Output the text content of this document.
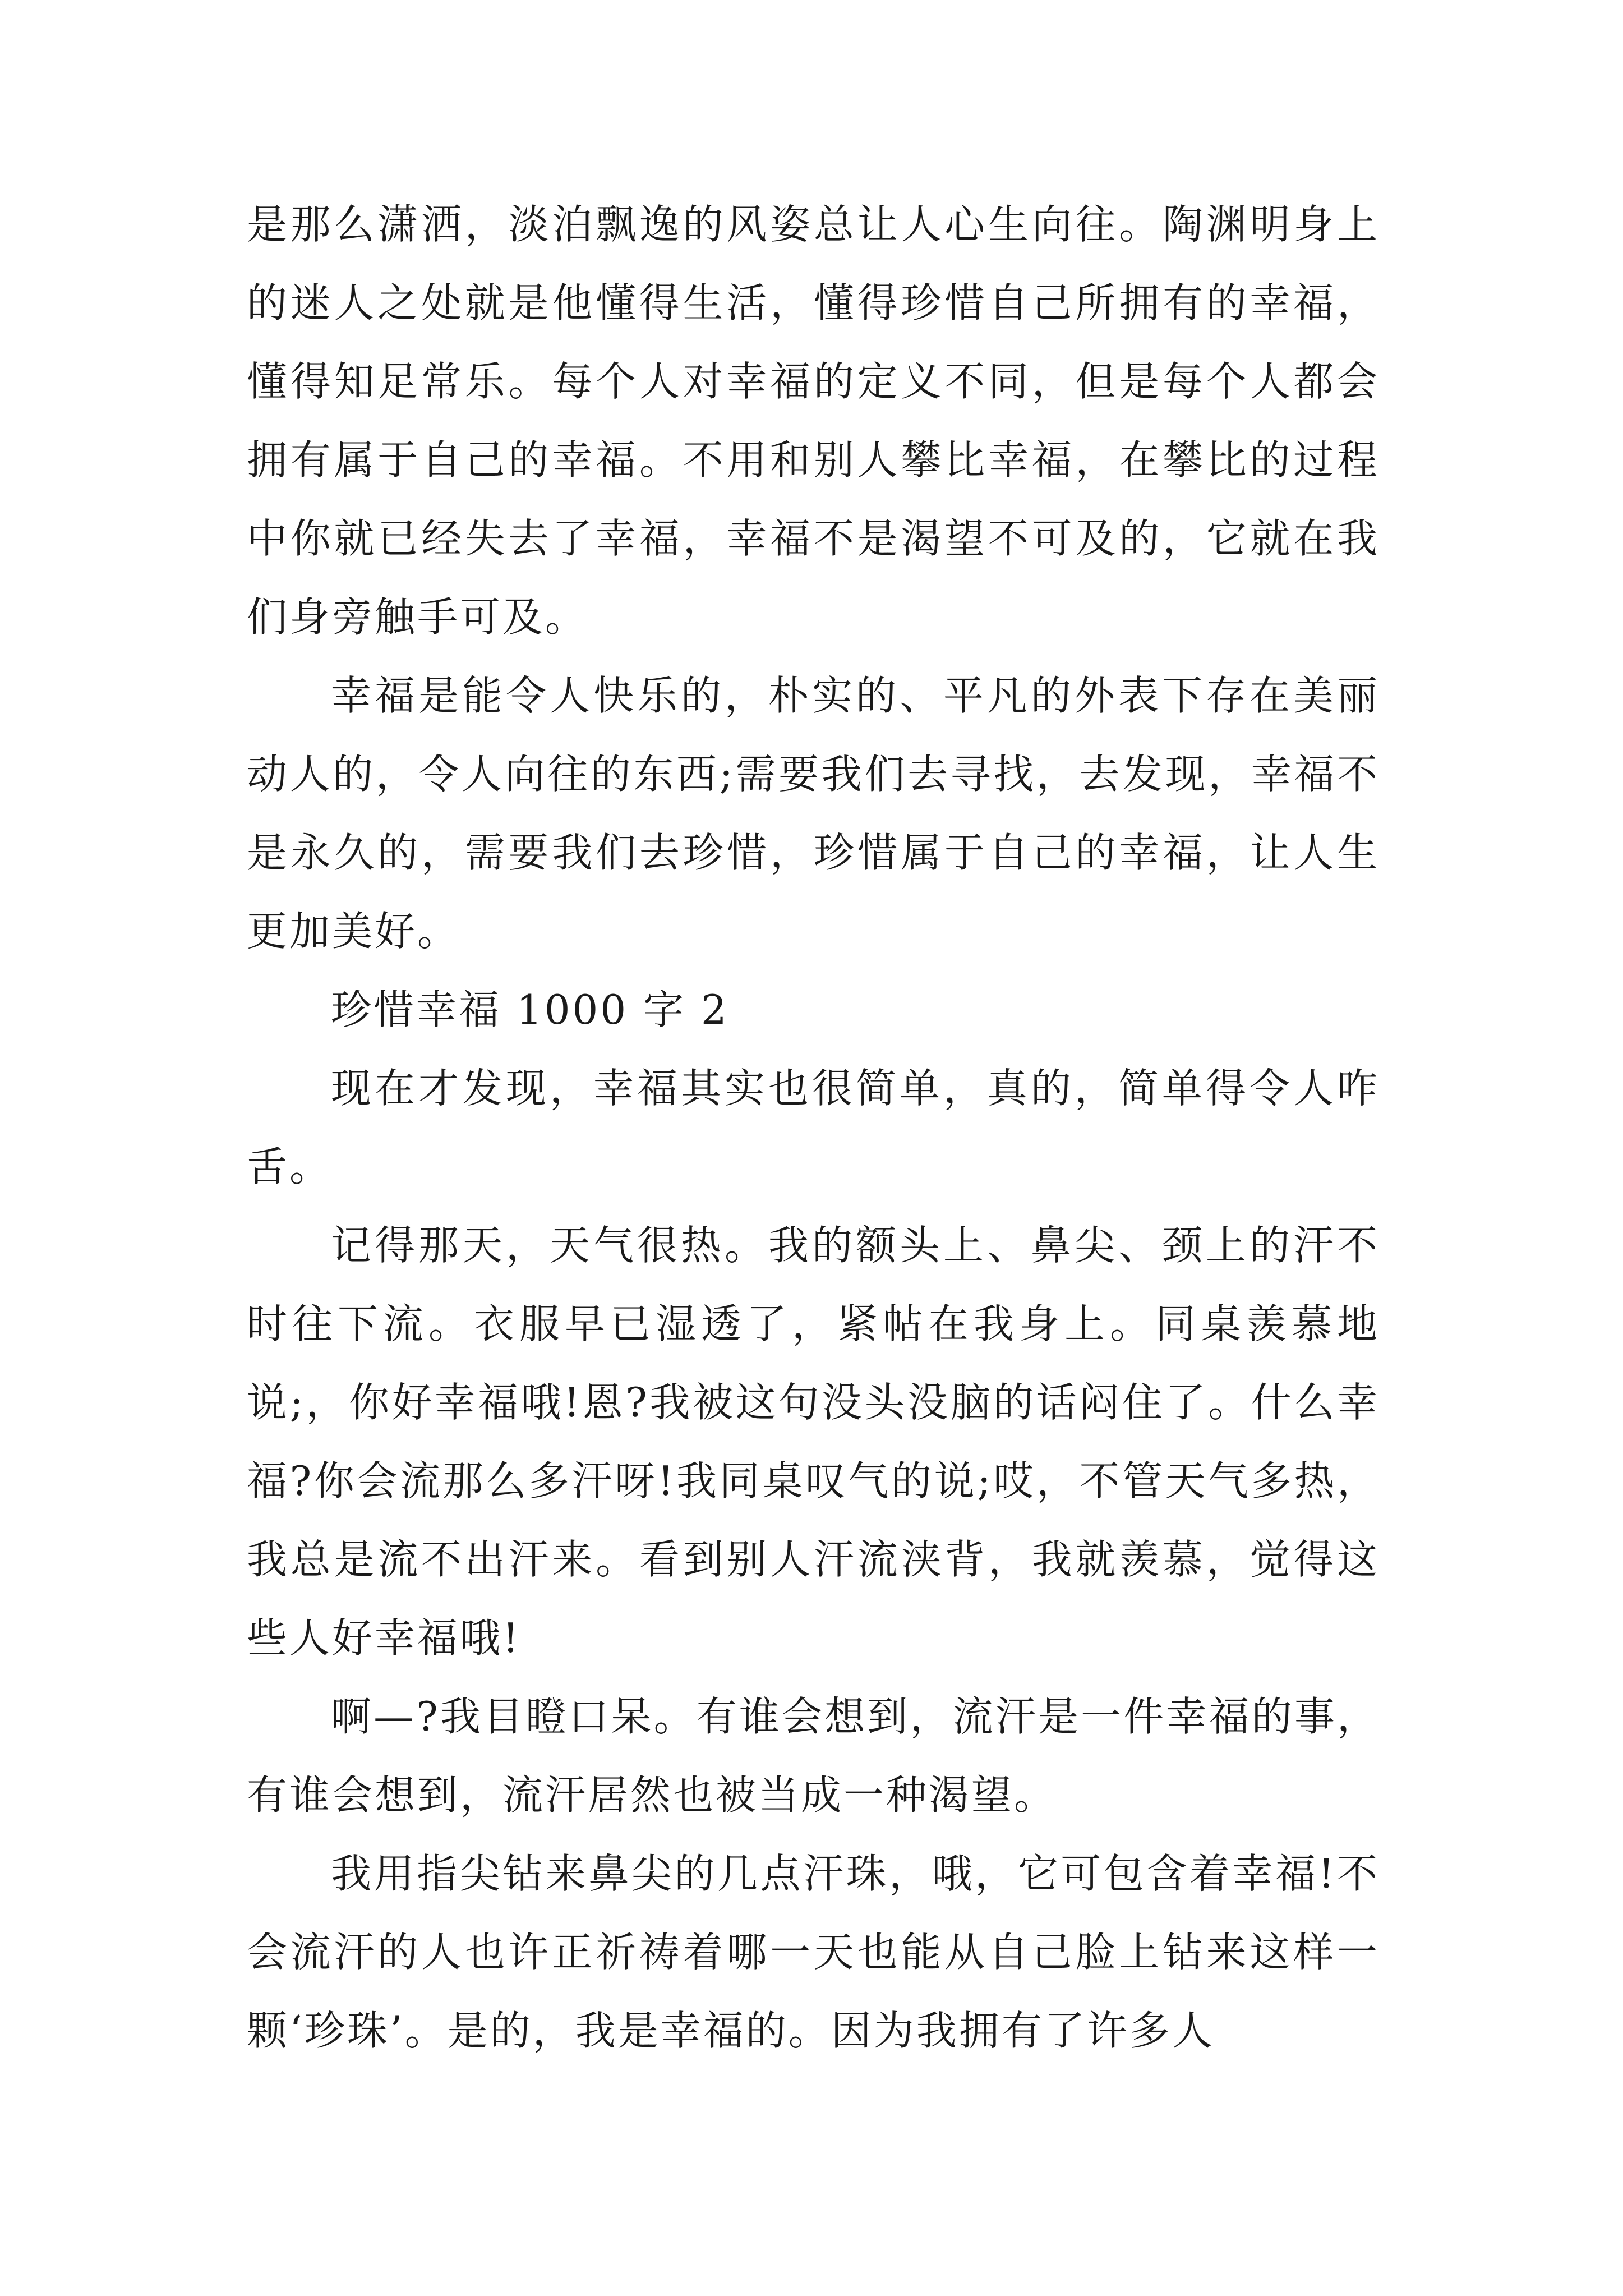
是那么潇洒，淡泊飘逸的风姿总让人心生向往。陶渊明身上的迷人之处就是他懂得生活，懂得珍惜自己所拥有的幸福，懂得知足常乐。每个人对幸福的定义不同，但是每个人都会拥有属于自己的幸福。不用和别人攀比幸福，在攀比的过程中你就已经失去了幸福，幸福不是渴望不可及的，它就在我们身旁触手可及。

幸福是能令人快乐的，朴实的、平凡的外表下存在美丽动人的，令人向往的东西;需要我们去寻找，去发现，幸福不是永久的，需要我们去珍惜，珍惜属于自己的幸福，让人生更加美好。

珍惜幸福 1000 字 2

现在才发现，幸福其实也很简单，真的，简单得令人咋舌。

记得那天，天气很热。我的额头上、鼻尖、颈上的汗不时往下流。衣服早已湿透了，紧帖在我身上。同桌羡慕地说;，你好幸福哦!恩?我被这句没头没脑的话闷住了。什么幸福?你会流那么多汗呀!我同桌叹气的说;哎，不管天气多热，我总是流不出汗来。看到别人汗流浃背，我就羡慕，觉得这些人好幸福哦!

啊—?我目瞪口呆。有谁会想到，流汗是一件幸福的事，有谁会想到，流汗居然也被当成一种渴望。

我用指尖钻来鼻尖的几点汗珠，哦，它可包含着幸福!不会流汗的人也许正祈祷着哪一天也能从自己脸上钻来这样一颗‘珍珠’。是的，我是幸福的。因为我拥有了许多人
